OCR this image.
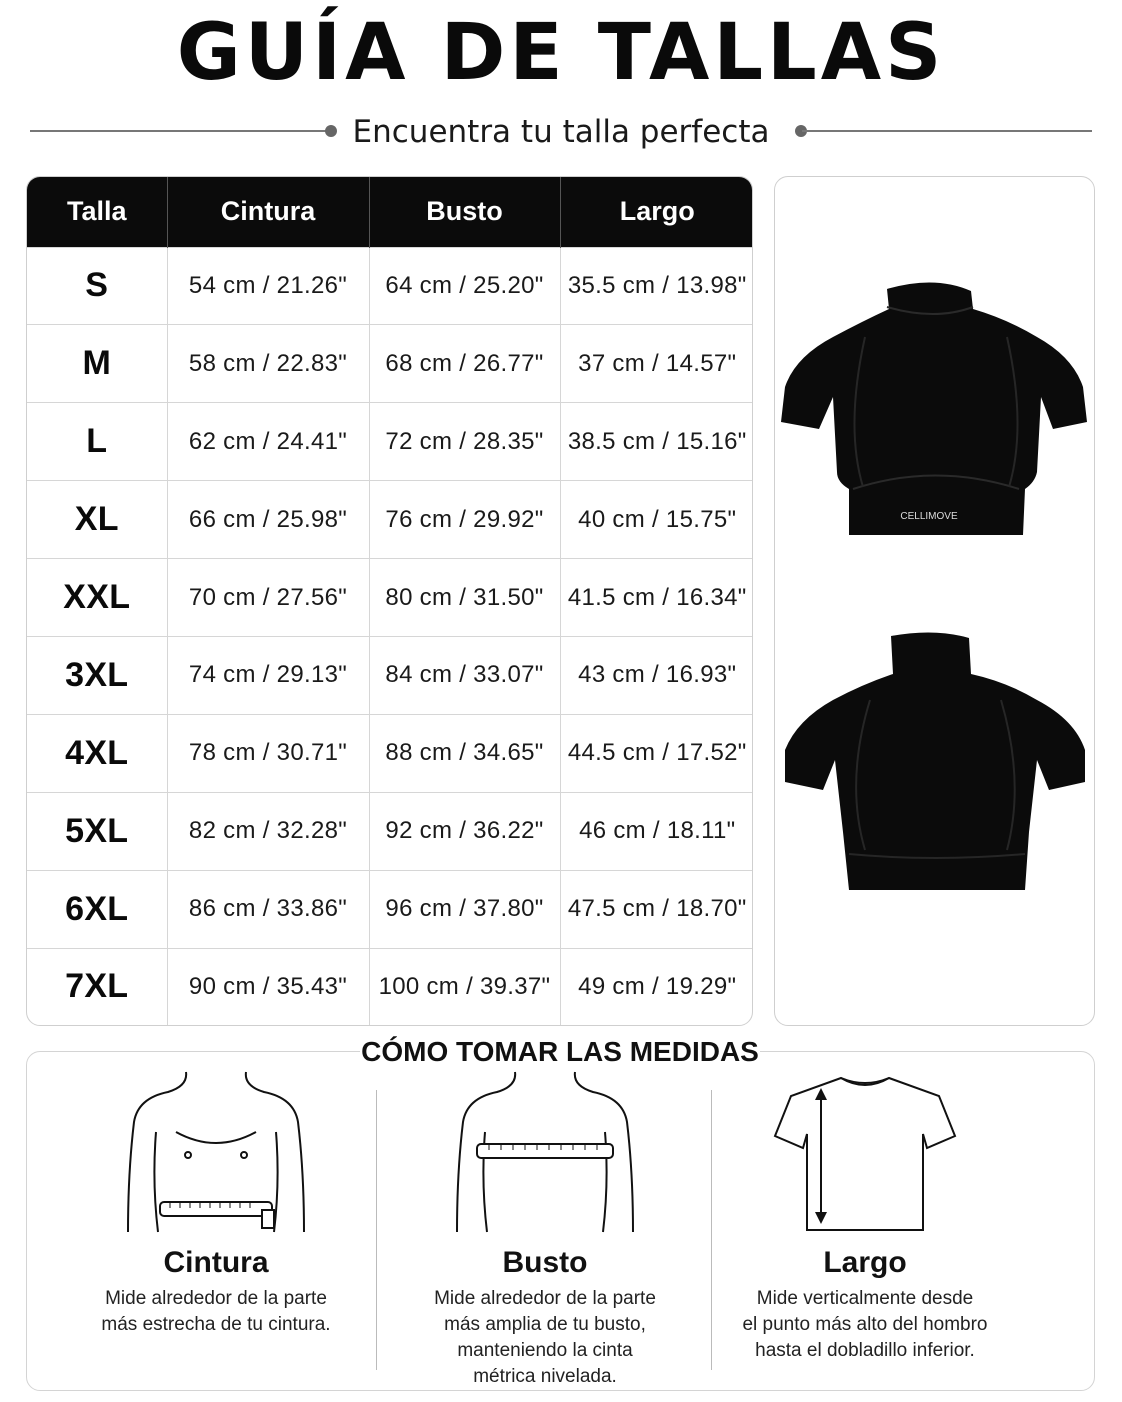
GUÍA DE TALLAS
Encuentra tu talla perfecta
Talla	Cintura	Busto	Largo
S	54 cm / 21.26"	64 cm / 25.20"	35.5 cm / 13.98"
M	58 cm / 22.83"	68 cm / 26.77"	37 cm / 14.57"
L	62 cm / 24.41"	72 cm / 28.35"	38.5 cm / 15.16"
XL	66 cm / 25.98"	76 cm / 29.92"	40 cm / 15.75"
XXL	70 cm / 27.56"	80 cm / 31.50"	41.5 cm / 16.34"
3XL	74 cm / 29.13"	84 cm / 33.07"	43 cm / 16.93"
4XL	78 cm / 30.71"	88 cm / 34.65"	44.5 cm / 17.52"
5XL	82 cm / 32.28"	92 cm / 36.22"	46 cm / 18.11"
6XL	86 cm / 33.86"	96 cm / 37.80"	47.5 cm / 18.70"
7XL	90 cm / 35.43"	100 cm / 39.37"	49 cm / 19.29"
CELLIMOVE
CÓMO TOMAR LAS MEDIDAS
Cintura
Mide alrededor de la parte
más estrecha de tu cintura.
Busto
Mide alrededor de la parte
más amplia de tu busto,
manteniendo la cinta
métrica nivelada.
Largo
Mide verticalmente desde
el punto más alto del hombro
hasta el dobladillo inferior.
